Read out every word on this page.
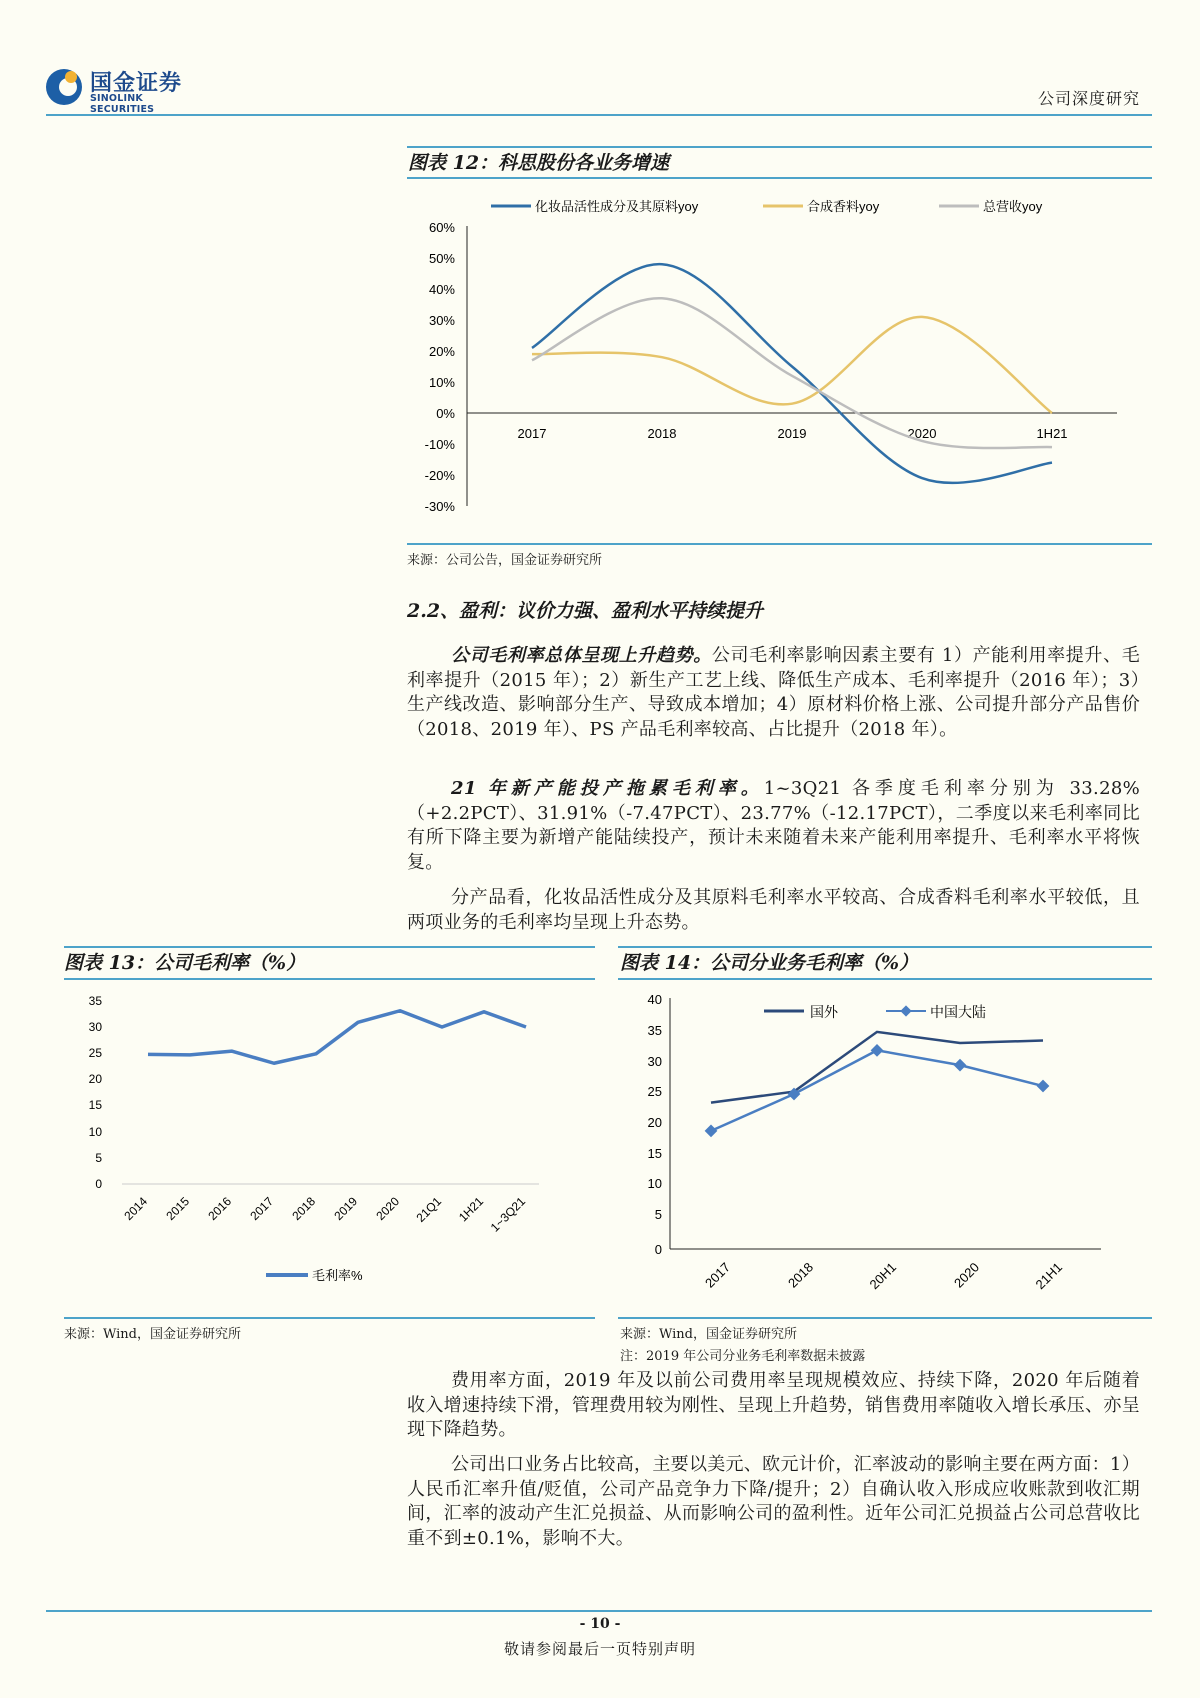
国金证券
SINOLINK SECURITIES
公司深度研究
图表 12：科思股份各业务增速
化妆品活性成分及其原料yoy	合成香料yoy	总营收yoy
60%
50%
40%
30%
20%
10%
0%
-10%
-20%
-30%
2017	2018	2019	2020	1H21
来源：公司公告，国金证券研究所
2.2、盈利：议价力强、盈利水平持续提升
公司毛利率总体呈现上升趋势。公司毛利率影响因素主要有 1）产能利用率提升、毛利率提升（2015 年）；2）新生产工艺上线、降低生产成本、毛利率提升（2016 年）；3）生产线改造、影响部分生产、导致成本增加；4）原材料价格上涨、公司提升部分产品售价（2018、2019 年）、PS 产品毛利率较高、占比提升（2018 年）。
21 年新产能投产拖累毛利率。1~3Q21 各季度毛利率分别为 33.28%（+2.2PCT）、31.91%（-7.47PCT）、23.77%（-12.17PCT），二季度以来毛利率同比有所下降主要为新增产能陆续投产，预计未来随着未来产能利用率提升、毛利率水平将恢复。
分产品看，化妆品活性成分及其原料毛利率水平较高、合成香料毛利率水平较低，且两项业务的毛利率均呈现上升态势。
图表 13：公司毛利率（%）
35
30
25
20
15
10
5
0
2014 2015 2016 2017 2018 2019 2020 21Q1 1H21 1~3Q21
毛利率%
来源：Wind，国金证券研究所
图表 14：公司分业务毛利率（%）
国外	中国大陆
40
35
30
25
20
15
10
5
0
2017	2018	20H1	2020	21H1
来源：Wind，国金证券研究所
注：2019 年公司分业务毛利率数据未披露
费用率方面，2019 年及以前公司费用率呈现规模效应、持续下降，2020 年后随着收入增速持续下滑，管理费用较为刚性、呈现上升趋势，销售费用率随收入增长承压、亦呈现下降趋势。
公司出口业务占比较高，主要以美元、欧元计价，汇率波动的影响主要在两方面：1）人民币汇率升值/贬值，公司产品竞争力下降/提升；2）自确认收入形成应收账款到收汇期间，汇率的波动产生汇兑损益、从而影响公司的盈利性。近年公司汇兑损益占公司总营收比重不到±0.1%，影响不大。
- 10 -
敬请参阅最后一页特别声明
